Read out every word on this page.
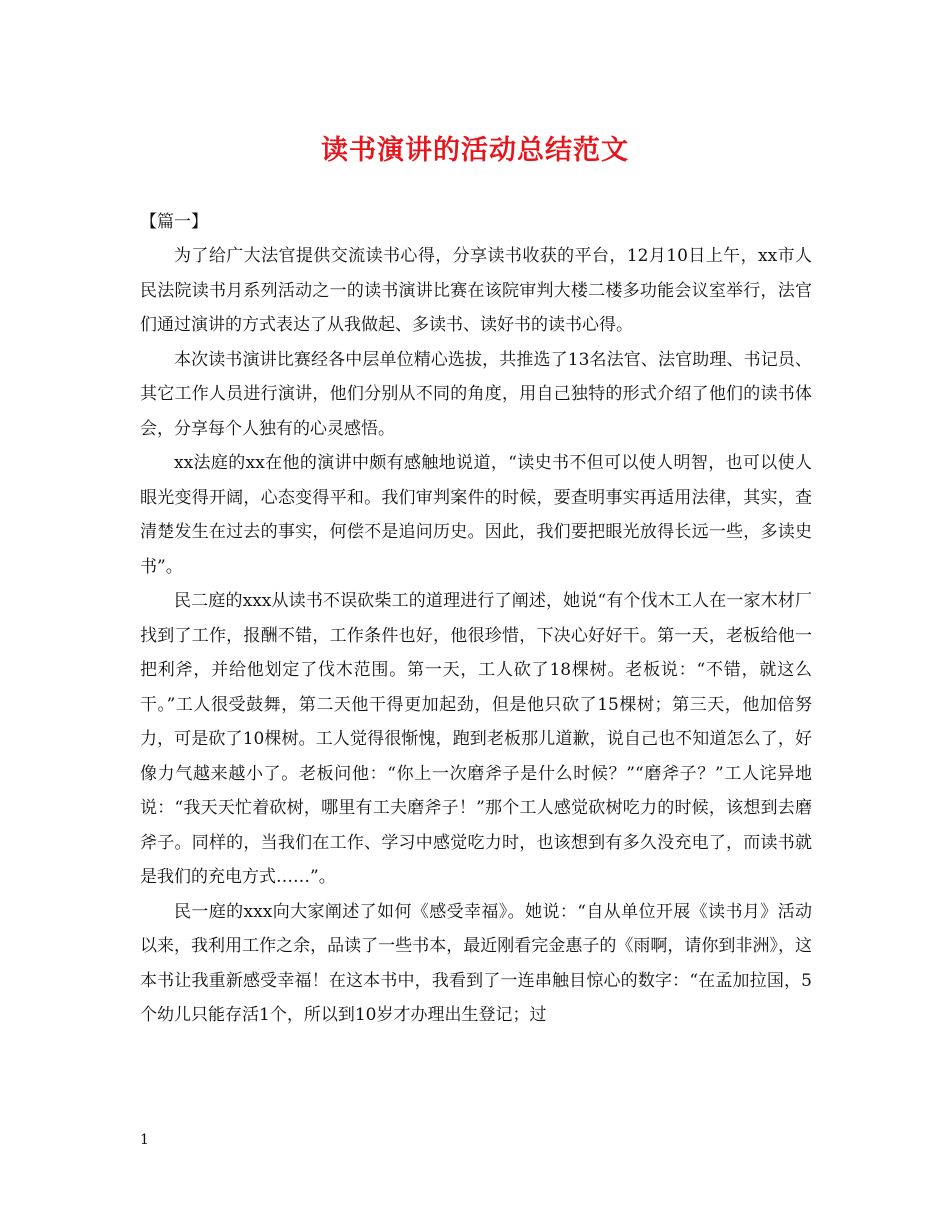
读书演讲的活动总结范文

【篇一】

为了给广大法官提供交流读书心得，分享读书收获的平台，12月10日上午，xx市人民法院读书月系列活动之一的读书演讲比赛在该院审判大楼二楼多功能会议室举行，法官们通过演讲的方式表达了从我做起、多读书、读好书的读书心得。

本次读书演讲比赛经各中层单位精心选拔，共推选了13名法官、法官助理、书记员、其它工作人员进行演讲，他们分别从不同的角度，用自己独特的形式介绍了他们的读书体会，分享每个人独有的心灵感悟。

xx法庭的xx在他的演讲中颇有感触地说道，“读史书不但可以使人明智，也可以使人眼光变得开阔，心态变得平和。我们审判案件的时候，要查明事实再适用法律，其实，查清楚发生在过去的事实，何偿不是追问历史。因此，我们要把眼光放得长远一些，多读史书”。

民二庭的xxx从读书不误砍柴工的道理进行了阐述，她说“有个伐木工人在一家木材厂找到了工作，报酬不错，工作条件也好，他很珍惜，下决心好好干。第一天，老板给他一把利斧，并给他划定了伐木范围。第一天，工人砍了18棵树。老板说：“不错，就这么干。”工人很受鼓舞，第二天他干得更加起劲，但是他只砍了15棵树；第三天，他加倍努力，可是砍了10棵树。工人觉得很惭愧，跑到老板那儿道歉，说自己也不知道怎么了，好像力气越来越小了。老板问他：“你上一次磨斧子是什么时候？”“磨斧子？”工人诧异地说：“我天天忙着砍树，哪里有工夫磨斧子！”那个工人感觉砍树吃力的时候，该想到去磨斧子。同样的，当我们在工作、学习中感觉吃力时，也该想到有多久没充电了，而读书就是我们的充电方式……”。

民一庭的xxx向大家阐述了如何《感受幸福》。她说：“自从单位开展《读书月》活动以来，我利用工作之余，品读了一些书本，最近刚看完金惠子的《雨啊，请你到非洲》，这本书让我重新感受幸福！在这本书中，我看到了一连串触目惊心的数字：“在孟加拉国，5个幼儿只能存活1个，所以到10岁才办理出生登记；过

1
